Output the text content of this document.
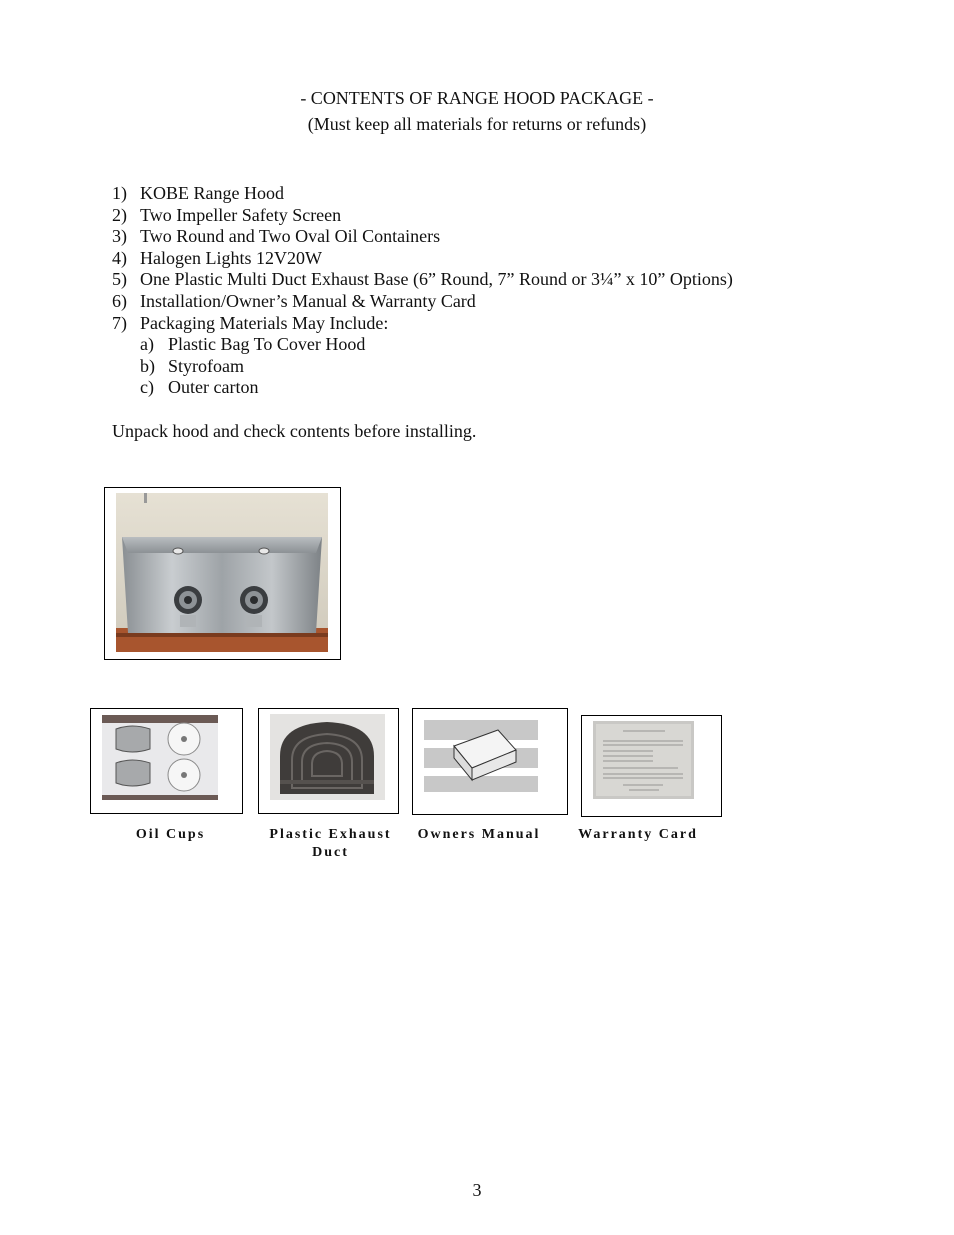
- CONTENTS OF RANGE HOOD PACKAGE -
(Must keep all materials for returns or refunds)
1) KOBE Range Hood
2) Two Impeller Safety Screen
3) Two Round and Two Oval Oil Containers
4) Halogen Lights 12V20W
5) One Plastic Multi Duct Exhaust Base (6” Round, 7” Round or 3¼” x 10” Options)
6) Installation/Owner’s Manual & Warranty Card
7) Packaging Materials May Include:
a) Plastic Bag To Cover Hood
b) Styrofoam
c) Outer carton
Unpack hood and check contents before installing.
Oil Cups	Plastic Exhaust Duct
Owners Manual	Warranty Card
3
